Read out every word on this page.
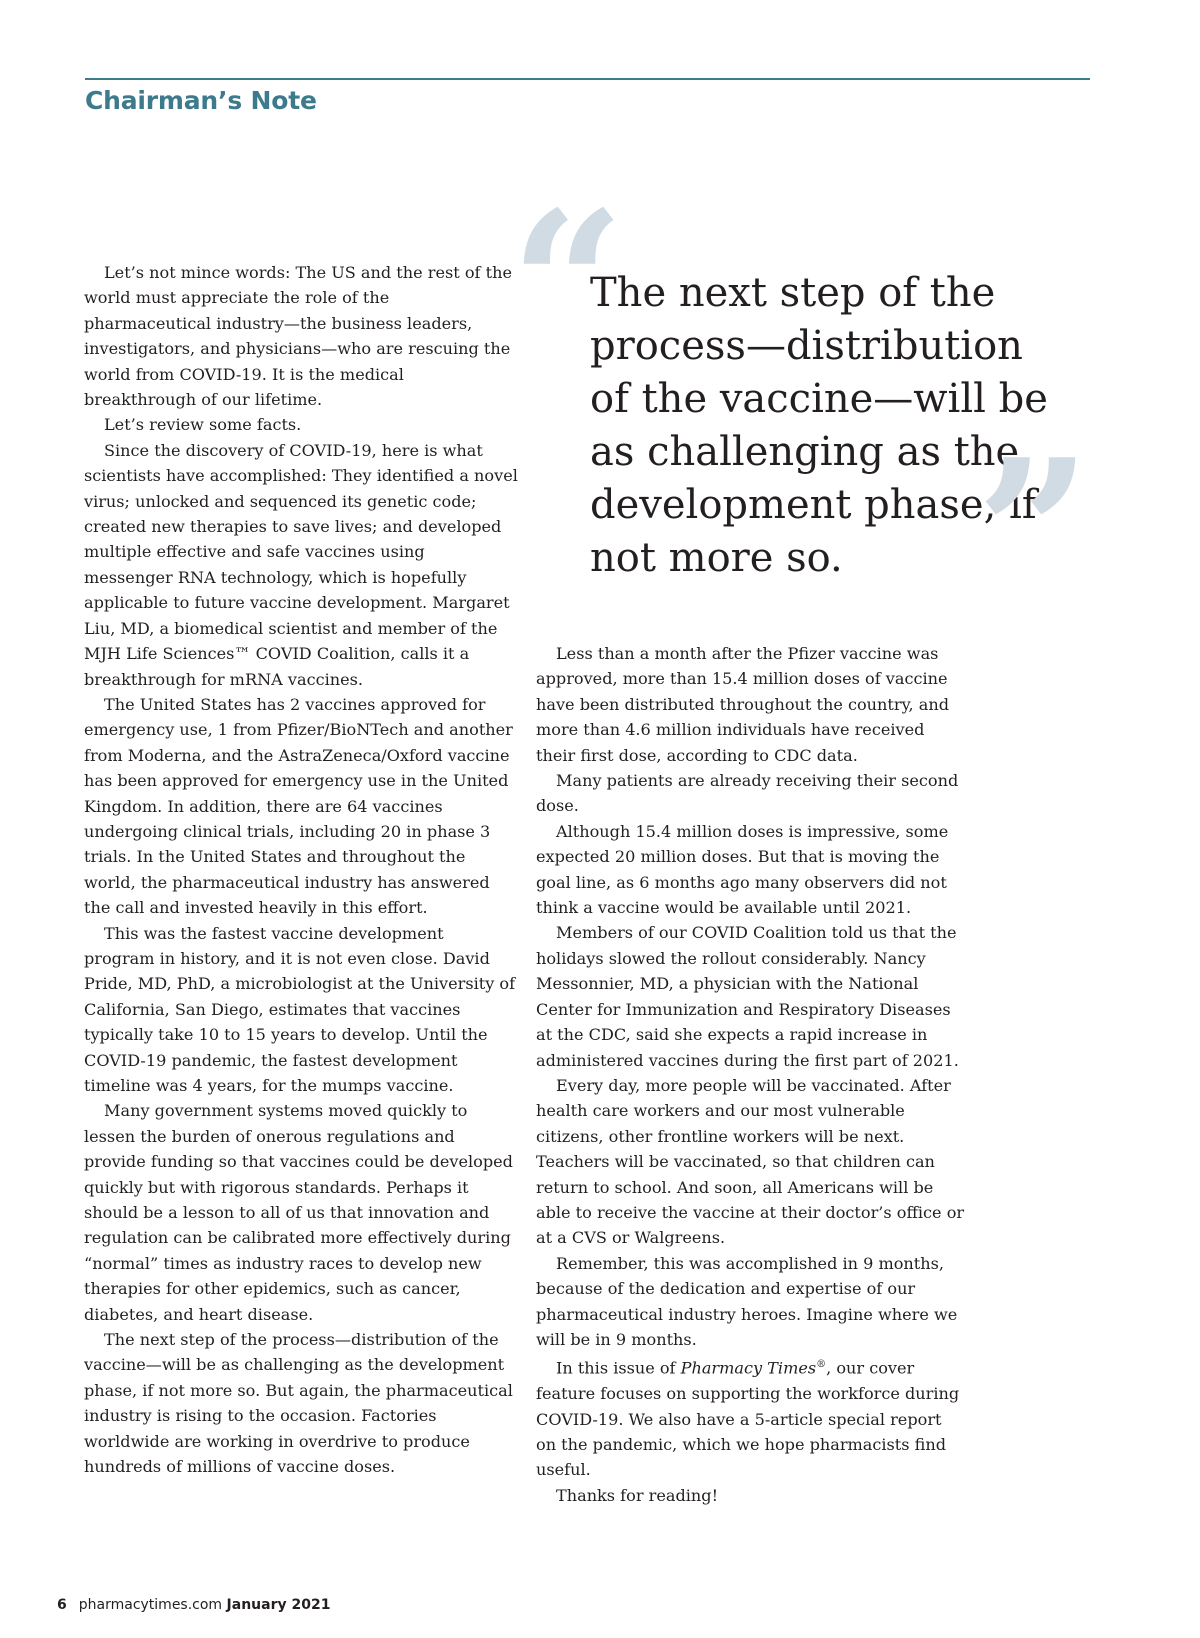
Chairman’s Note

Let’s not mince words: The US and the rest of the world must appreciate the role of the pharmaceutical industry—the business leaders, investigators, and physicians—who are rescuing the world from COVID-19. It is the medical breakthrough of our lifetime.

Let’s review some facts.

Since the discovery of COVID-19, here is what scientists have accomplished: They identified a novel virus; unlocked and sequenced its genetic code; created new therapies to save lives; and developed multiple effective and safe vaccines using messenger RNA technology, which is hopefully applicable to future vaccine development. Margaret Liu, MD, a biomedical scientist and member of the MJH Life Sciences™ COVID Coalition, calls it a breakthrough for mRNA vaccines.

The United States has 2 vaccines approved for emergency use, 1 from Pfizer/BioNTech and another from Moderna, and the AstraZeneca/Oxford vaccine has been approved for emergency use in the United Kingdom. In addition, there are 64 vaccines undergoing clinical trials, including 20 in phase 3 trials. In the United States and throughout the world, the pharmaceutical industry has answered the call and invested heavily in this effort.

This was the fastest vaccine development program in history, and it is not even close. David Pride, MD, PhD, a microbiologist at the University of California, San Diego, estimates that vaccines typically take 10 to 15 years to develop. Until the COVID-19 pandemic, the fastest development timeline was 4 years, for the mumps vaccine.

Many government systems moved quickly to lessen the burden of onerous regulations and provide funding so that vaccines could be developed quickly but with rigorous standards. Perhaps it should be a lesson to all of us that innovation and regulation can be calibrated more effectively during “normal” times as industry races to develop new therapies for other epidemics, such as cancer, diabetes, and heart disease.

The next step of the process—distribution of the vaccine—will be as challenging as the development phase, if not more so. But again, the pharmaceutical industry is rising to the occasion. Factories worldwide are working in overdrive to produce hundreds of millions of vaccine doses.

“
The next step of the process—distribution of the vaccine—will be as challenging as the development phase, if not more so. ”

Less than a month after the Pfizer vaccine was approved, more than 15.4 million doses of vaccine have been distributed throughout the country, and more than 4.6 million individuals have received their first dose, according to CDC data.

Many patients are already receiving their second dose.

Although 15.4 million doses is impressive, some expected 20 million doses. But that is moving the goal line, as 6 months ago many observers did not think a vaccine would be available until 2021.

Members of our COVID Coalition told us that the holidays slowed the rollout considerably. Nancy Messonnier, MD, a physician with the National Center for Immunization and Respiratory Diseases at the CDC, said she expects a rapid increase in administered vaccines during the first part of 2021.

Every day, more people will be vaccinated. After health care workers and our most vulnerable citizens, other frontline workers will be next. Teachers will be vaccinated, so that children can return to school. And soon, all Americans will be able to receive the vaccine at their doctor’s office or at a CVS or Walgreens.

Remember, this was accomplished in 9 months, because of the dedication and expertise of our pharmaceutical industry heroes. Imagine where we will be in 9 months.

In this issue of Pharmacy Times®, our cover feature focuses on supporting the workforce during COVID-19. We also have a 5-article special report on the pandemic, which we hope pharmacists find useful.

Thanks for reading!

6 pharmacytimes.com January 2021
